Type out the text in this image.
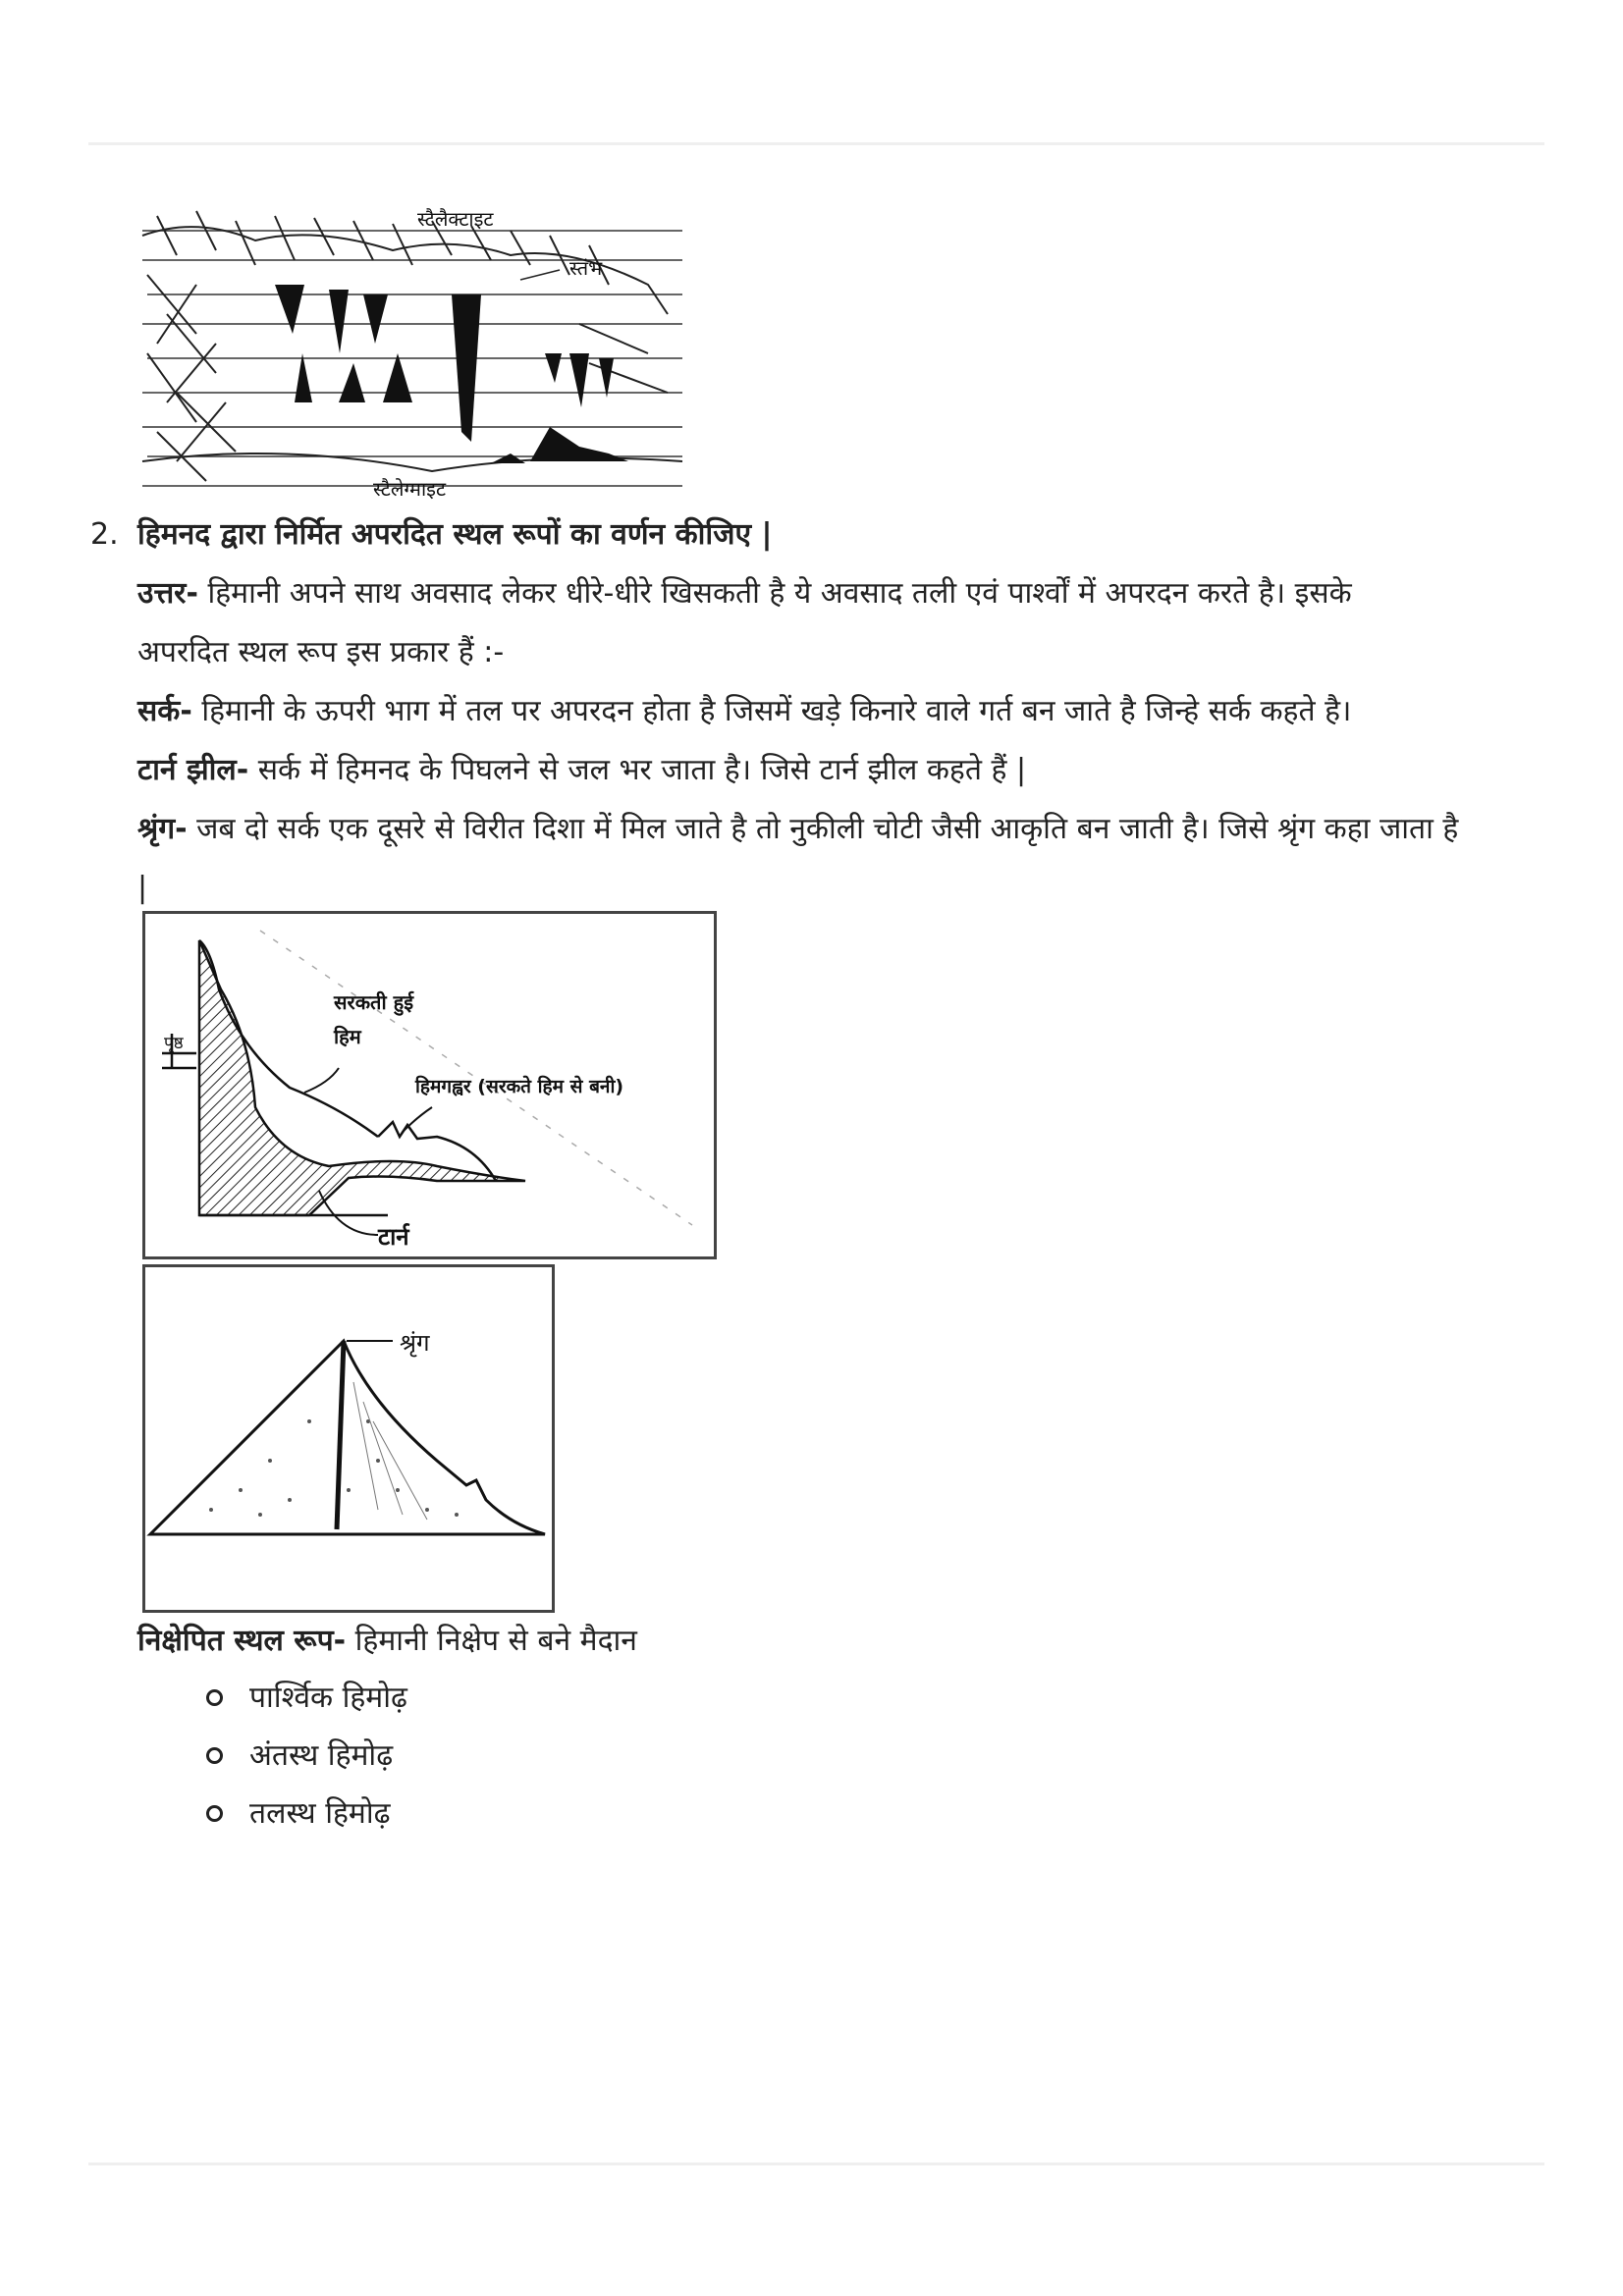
स्टैलैक्टाइट
स्तंभ
स्टैलेग्माइट
2. हिमनद द्वारा निर्मित अपरदित स्थल रूपों का वर्णन कीजिए |
उत्तर- हिमानी अपने साथ अवसाद लेकर धीरे-धीरे खिसकती है ये अवसाद तली एवं पार्श्वों में अपरदन करते है। इसके
अपरदित स्थल रूप इस प्रकार हैं :-
सर्क- हिमानी के ऊपरी भाग में तल पर अपरदन होता है जिसमें खड़े किनारे वाले गर्त बन जाते है जिन्हे सर्क कहते है।
टार्न झील- सर्क में हिमनद के पिघलने से जल भर जाता है। जिसे टार्न झील कहते हैं |
श्रृंग- जब दो सर्क एक दूसरे से विरीत दिशा में मिल जाते है तो नुकीली चोटी जैसी आकृति बन जाती है। जिसे श्रृंग कहा जाता है
|
पृष्ठ
सरकती हुई
हिम
हिमगह्वर (सरकते हिम से बनी)
टार्न
श्रृंग
निक्षेपित स्थल रूप- हिमानी निक्षेप से बने मैदान
पार्श्विक हिमोढ़
अंतस्थ हिमोढ़
तलस्थ हिमोढ़
